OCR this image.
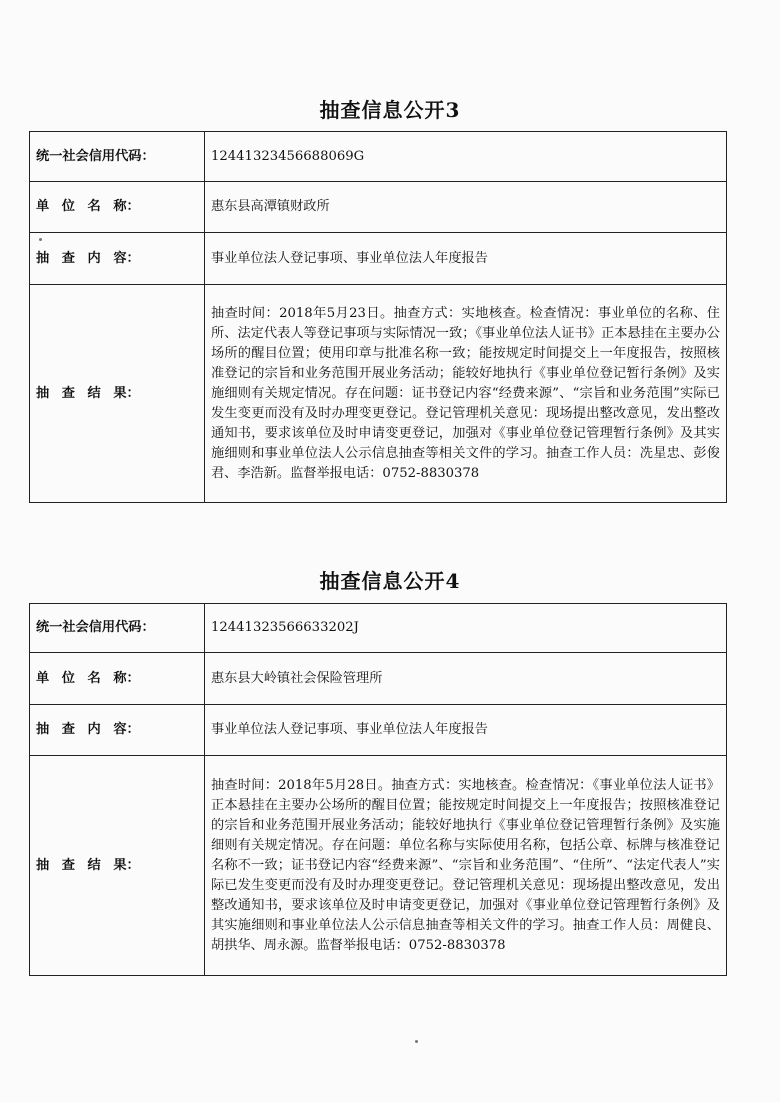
抽查信息公开3
统一社会信用代码：	12441323456688069G
单 位 名 称：	惠东县高潭镇财政所
抽 查 内 容：	事业单位法人登记事项、事业单位法人年度报告
抽 查 结 果：	抽查时间：2018年5月23日。抽查方式：实地核查。检查情况：事业单位的名称、住所、法定代表人等登记事项与实际情况一致；《事业单位法人证书》正本悬挂在主要办公场所的醒目位置；使用印章与批准名称一致；能按规定时间提交上一年度报告，按照核准登记的宗旨和业务范围开展业务活动；能较好地执行《事业单位登记暂行条例》及实施细则有关规定情况。存在问题：证书登记内容“经费来源”、“宗旨和业务范围”实际已发生变更而没有及时办理变更登记。登记管理机关意见：现场提出整改意见，发出整改通知书，要求该单位及时申请变更登记，加强对《事业单位登记管理暂行条例》及其实施细则和事业单位法人公示信息抽查等相关文件的学习。抽查工作人员：冼星忠、彭俊君、李浩新。监督举报电话：0752-8830378
抽查信息公开4
统一社会信用代码：	12441323566633202J
单 位 名 称：	惠东县大岭镇社会保险管理所
抽 查 内 容：	事业单位法人登记事项、事业单位法人年度报告
抽 查 结 果：	抽查时间：2018年5月28日。抽查方式：实地核查。检查情况：《事业单位法人证书》正本悬挂在主要办公场所的醒目位置；能按规定时间提交上一年度报告；按照核准登记的宗旨和业务范围开展业务活动；能较好地执行《事业单位登记管理暂行条例》及实施细则有关规定情况。存在问题：单位名称与实际使用名称，包括公章、标牌与核准登记名称不一致；证书登记内容“经费来源”、“宗旨和业务范围”、“住所”、“法定代表人”实际已发生变更而没有及时办理变更登记。登记管理机关意见：现场提出整改意见，发出整改通知书，要求该单位及时申请变更登记，加强对《事业单位登记管理暂行条例》及其实施细则和事业单位法人公示信息抽查等相关文件的学习。抽查工作人员：周健良、胡拱华、周永源。监督举报电话：0752-8830378
